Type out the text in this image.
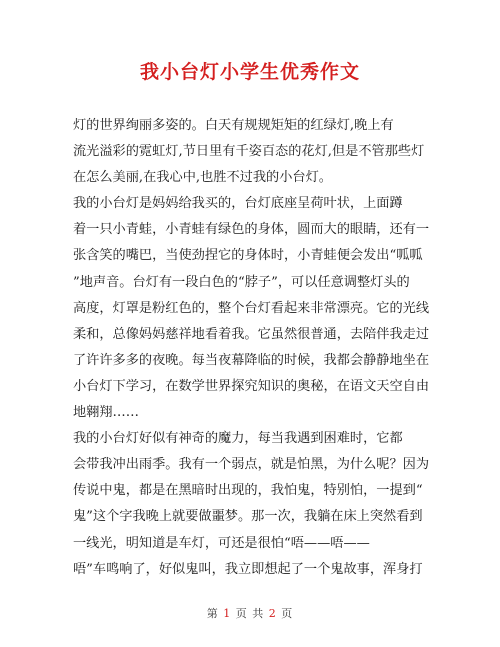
我小台灯小学生优秀作文
灯的世界绚丽多姿的。白天有规规矩矩的红绿灯,晚上有
流光溢彩的霓虹灯,节日里有千姿百态的花灯,但是不管那些灯
在怎么美丽,在我心中,也胜不过我的小台灯。
我的小台灯是妈妈给我买的，台灯底座呈荷叶状，上面蹲
着一只小青蛙，小青蛙有绿色的身体，圆而大的眼睛，还有一
张含笑的嘴巴，当使劲捏它的身体时，小青蛙便会发出“呱呱
”地声音。台灯有一段白色的“脖子”，可以任意调整灯头的
高度，灯罩是粉红色的，整个台灯看起来非常漂亮。它的光线
柔和，总像妈妈慈祥地看着我。它虽然很普通，去陪伴我走过
了许许多多的夜晚。每当夜幕降临的时候，我都会静静地坐在
小台灯下学习，在数学世界探究知识的奥秘，在语文天空自由
地翱翔……
我的小台灯好似有神奇的魔力，每当我遇到困难时，它都
会带我冲出雨季。我有一个弱点，就是怕黑，为什么呢？因为
传说中鬼，都是在黑暗时出现的，我怕鬼，特别怕，一提到“
鬼”这个字我晚上就要做噩梦。那一次，我躺在床上突然看到
一线光，明知道是车灯，可还是很怕“唔——唔——
唔”车鸣响了，好似鬼叫，我立即想起了一个鬼故事，浑身打
第 1 页 共 2 页
